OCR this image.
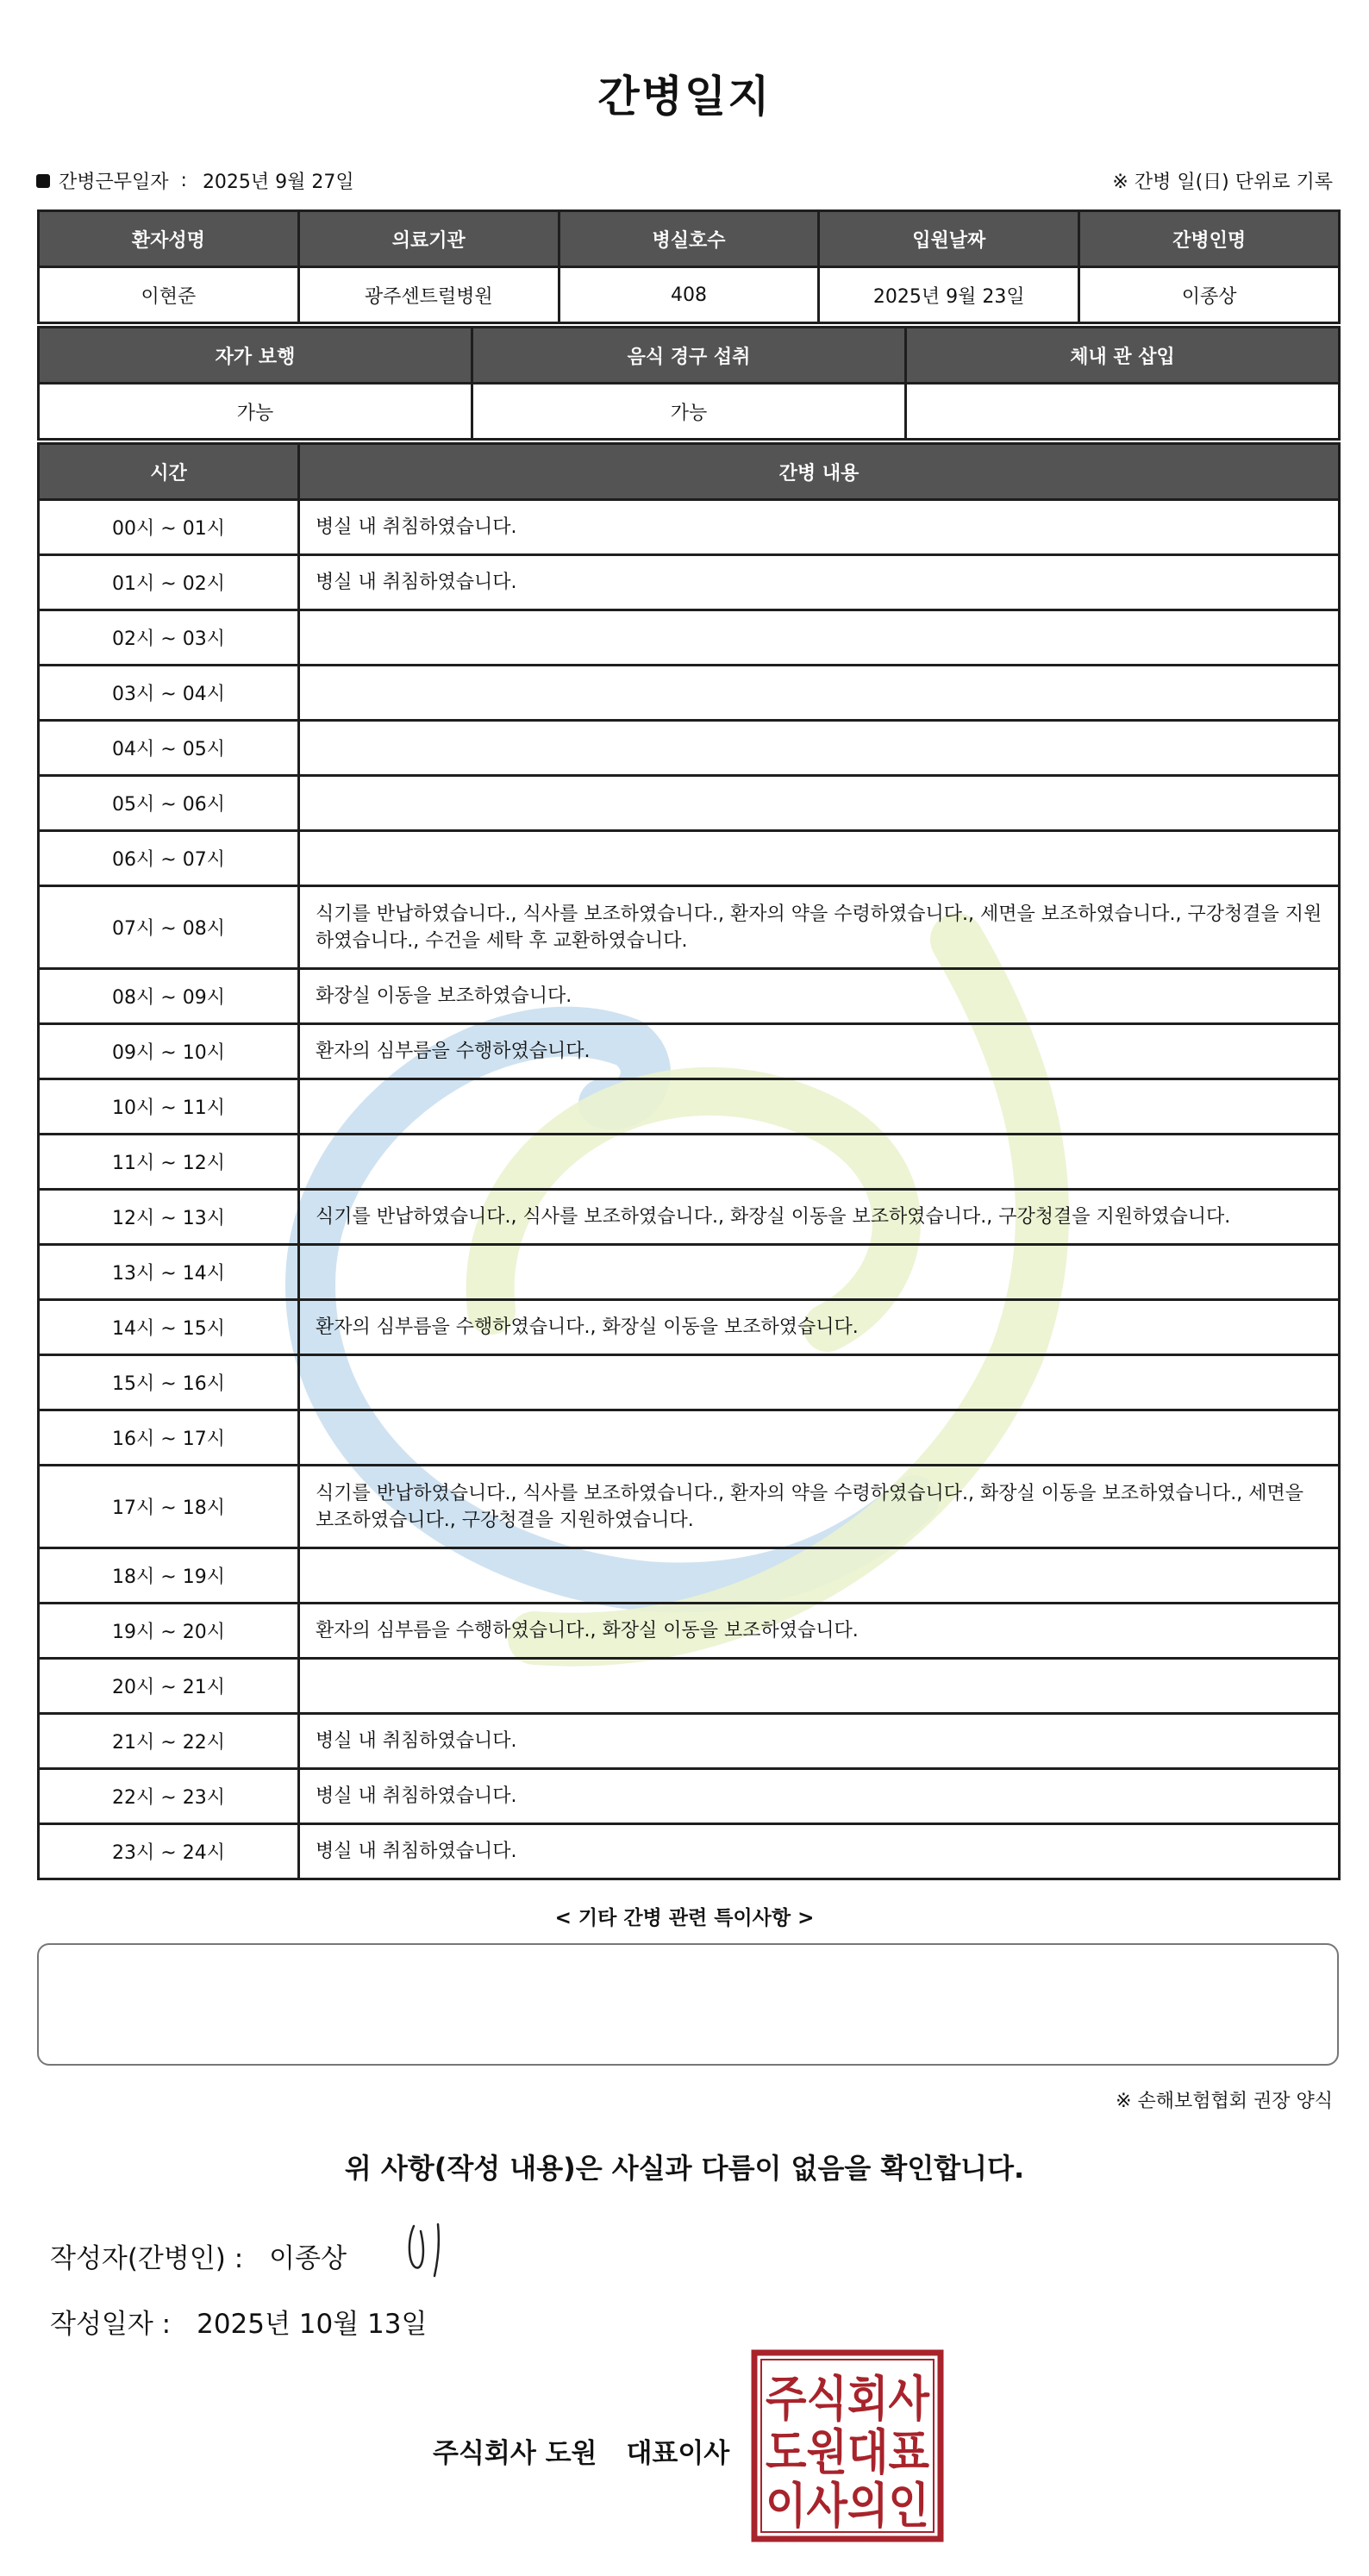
간병일지
간병근무일자 : 2025년 9월 27일	※ 간병 일(日) 단위로 기록
환자성명	의료기관	병실호수	입원날짜	간병인명
이현준	광주센트럴병원	408	2025년 9월 23일	이종상
자가 보행	음식 경구 섭취	체내 관 삽입
가능	가능	
시간	간병 내용
00시 ~ 01시	병실 내 취침하였습니다.
01시 ~ 02시	병실 내 취침하였습니다.
02시 ~ 03시	
03시 ~ 04시	
04시 ~ 05시	
05시 ~ 06시	
06시 ~ 07시	
07시 ~ 08시	식기를 반납하였습니다., 식사를 보조하였습니다., 환자의 약을 수령하였습니다., 세면을 보조하였습니다., 구강청결을 지원하였습니다., 수건을 세탁 후 교환하였습니다.
08시 ~ 09시	화장실 이동을 보조하였습니다.
09시 ~ 10시	환자의 심부름을 수행하였습니다.
10시 ~ 11시	
11시 ~ 12시	
12시 ~ 13시	식기를 반납하였습니다., 식사를 보조하였습니다., 화장실 이동을 보조하였습니다., 구강청결을 지원하였습니다.
13시 ~ 14시	
14시 ~ 15시	환자의 심부름을 수행하였습니다., 화장실 이동을 보조하였습니다.
15시 ~ 16시	
16시 ~ 17시	
17시 ~ 18시	식기를 반납하였습니다., 식사를 보조하였습니다., 환자의 약을 수령하였습니다., 화장실 이동을 보조하였습니다., 세면을 보조하였습니다., 구강청결을 지원하였습니다.
18시 ~ 19시	
19시 ~ 20시	환자의 심부름을 수행하였습니다., 화장실 이동을 보조하였습니다.
20시 ~ 21시	
21시 ~ 22시	병실 내 취침하였습니다.
22시 ~ 23시	병실 내 취침하였습니다.
23시 ~ 24시	병실 내 취침하였습니다.
< 기타 간병 관련 특이사항 >
※ 손해보험협회 권장 양식
위 사항(작성 내용)은 사실과 다름이 없음을 확인합니다.
작성자(간병인) : 이종상
작성일자 : 2025년 10월 13일
주식회사 도원 대표이사
주식회사
도원대표
이사의인
